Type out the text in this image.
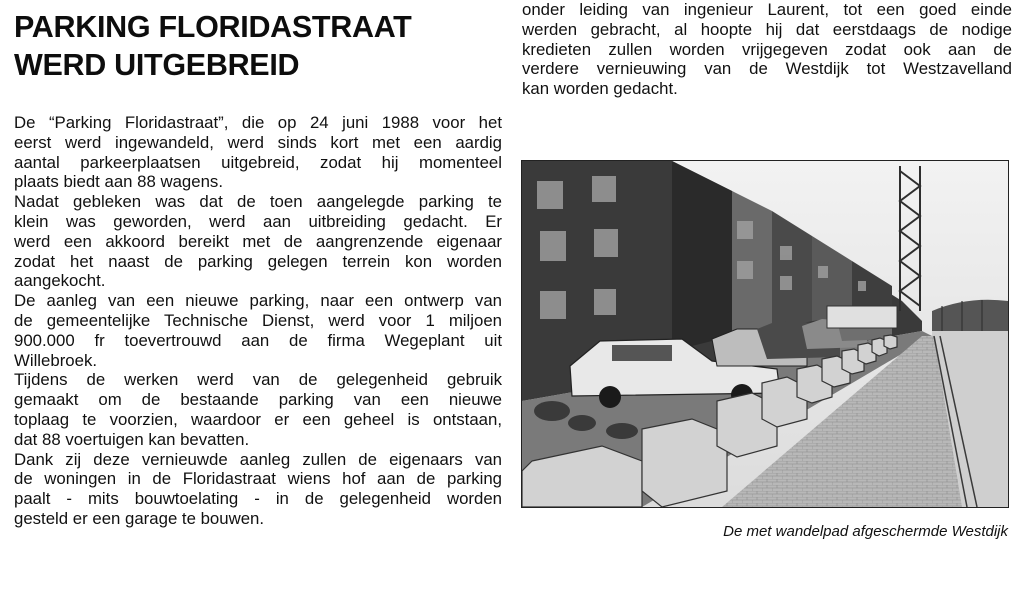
PARKING FLORIDASTRAAT
WERD UITGEBREID
De “Parking Floridastraat”, die op 24 juni 1988 voor het
eerst werd ingewandeld, werd sinds kort met een aardig
aantal parkeerplaatsen uitgebreid, zodat hij momenteel
plaats biedt aan 88 wagens.
Nadat gebleken was dat de toen aangelegde parking te
klein was geworden, werd aan uitbreiding gedacht. Er
werd een akkoord bereikt met de aangrenzende eigenaar
zodat het naast de parking gelegen terrein kon worden
aangekocht.
De aanleg van een nieuwe parking, naar een ontwerp van
de gemeentelijke Technische Dienst, werd voor 1 miljoen
900.000 fr toevertrouwd aan de firma Wegeplant uit
Willebroek.
Tijdens de werken werd van de gelegenheid gebruik
gemaakt om de bestaande parking van een nieuwe
toplaag te voorzien, waardoor er een geheel is ontstaan,
dat 88 voertuigen kan bevatten.
Dank zij deze vernieuwde aanleg zullen de eigenaars van
de woningen in de Floridastraat wiens hof aan de parking
paalt - mits bouwtoelating - in de gelegenheid worden
gesteld er een garage te bouwen.
onder leiding van ingenieur Laurent, tot een goed einde
werden gebracht, al hoopte hij dat eerstdaags de nodige
kredieten zullen worden vrijgegeven zodat ook aan de
verdere vernieuwing van de Westdijk tot Westzavelland
kan worden gedacht.
De met wandelpad afgeschermde Westdijk
